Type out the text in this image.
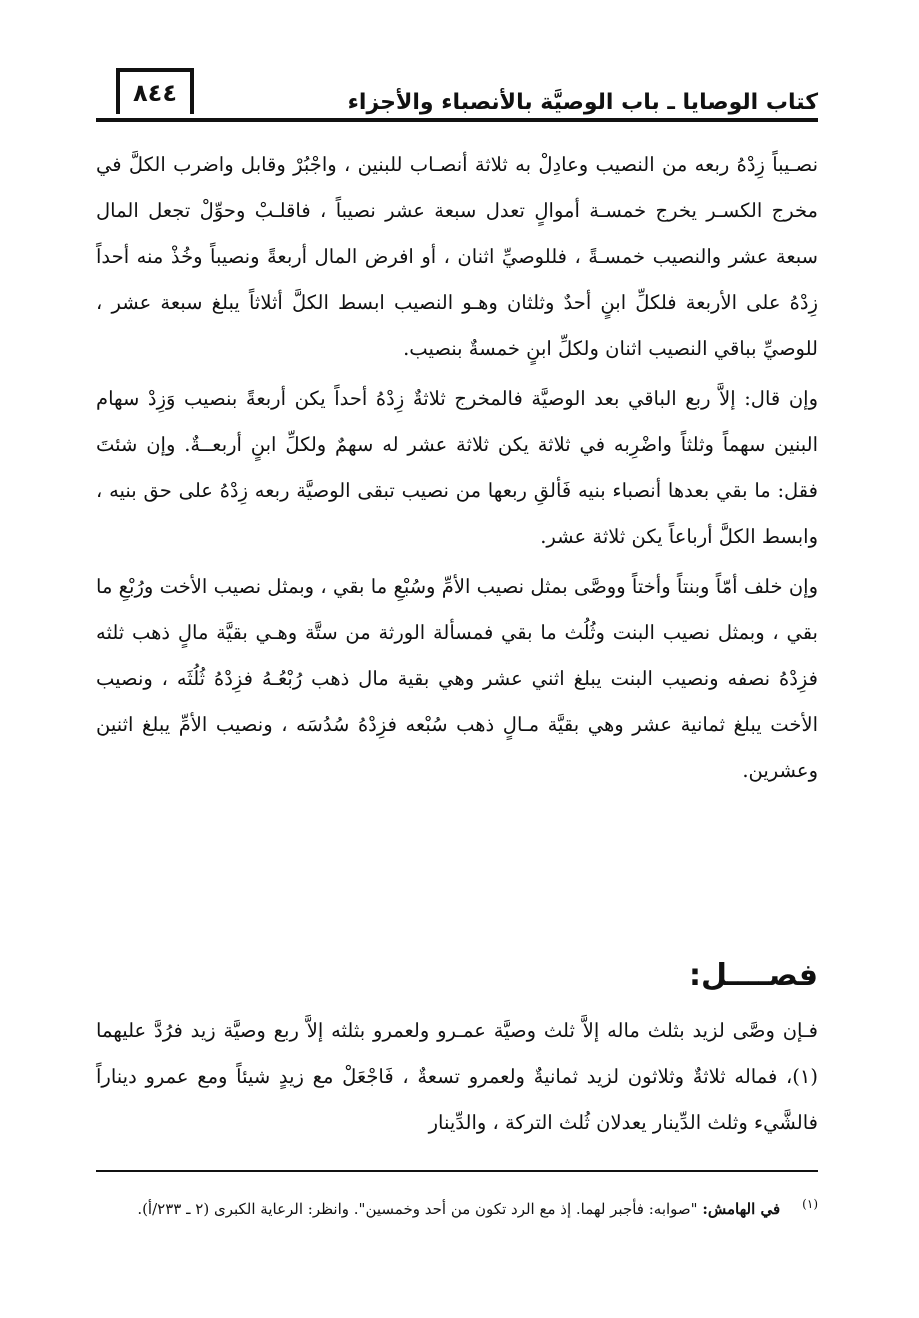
٨٤٤	كتاب الوصايا ـ باب الوصيَّة بالأنصباء والأجزاء

نصـيباً زِدْهُ ربعه من النصيب وعادِلْ به ثلاثة أنصـاب للبنين ، واجْبُرْ وقابل واضرب الكلَّ في مخرج الكسـر يخرج خمسـة أموالٍ تعدل سبعة عشر نصيباً ، فاقلـبْ وحوِّلْ تجعل المال سبعة عشر والنصيب خمسـةً ، فللوصيِّ اثنان ، أو افرض المال أربعةً ونصيباً وخُذْ منه أحداً زِدْهُ على الأربعة فلكلِّ ابنٍ أحدٌ وثلثان وهـو النصيب ابسط الكلَّ أثلاثاً يبلغ سبعة عشر ، للوصيِّ بباقي النصيب اثنان ولكلِّ ابنٍ خمسةٌ بنصيب.

وإن قال: إلاَّ ربع الباقي بعد الوصيَّة فالمخرج ثلاثةٌ زِدْهُ أحداً يكن أربعةً بنصيب وَزِدْ سهام البنين سهماً وثلثاً واضْرِبه في ثلاثة يكن ثلاثة عشر له سهمٌ ولكلِّ ابنٍ أربعــةٌ. وإن شئتَ فقل: ما بقي بعدها أنصباء بنيه فَألقِ ربعها من نصيب تبقى الوصيَّة ربعه زِدْهُ على حق بنيه ، وابسط الكلَّ أرباعاً يكن ثلاثة عشر.

وإن خلف أمّاً وبنتاً وأختاً ووصَّى بمثل نصيب الأمِّ وسُبْعِ ما بقي ، وبمثل نصيب الأخت ورُبْعِ ما بقي ، وبمثل نصيب البنت وثُلُث ما بقي فمسألة الورثة من ستَّة وهـي بقيَّة مالٍ ذهب ثلثه فزِدْهُ نصفه ونصيب البنت يبلغ اثني عشر وهي بقية مال ذهب رُبْعُـهُ فزِدْهُ ثُلُثَه ، ونصيب الأخت يبلغ ثمانية عشر وهي بقيَّة مـالٍ ذهب سُبْعه فزِدْهُ سُدُسَه ، ونصيب الأمِّ يبلغ اثنين وعشرين.

فصــــل:

فـإن وصَّى لزيد بثلث ماله إلاَّ ثلث وصيَّة عمـرو ولعمرو بثلثه إلاَّ ربع وصيَّة زيد فرُدَّ عليهما (١)، فماله ثلاثةٌ وثلاثون لزيد ثمانيةٌ ولعمرو تسعةٌ ، فَاجْعَلْ مع زيدٍ شيئاً ومع عمرو ديناراً فالشَّيء وثلث الدِّينار يعدلان ثُلث التركة ، والدِّينار

$^{(١)}$في الهامش: "صوابه: فأجبر لهما. إذ مع الرد تكون من أحد وخمسين". وانظر: الرعاية الكبرى (٢ ـ ٢٣٣/أ).
